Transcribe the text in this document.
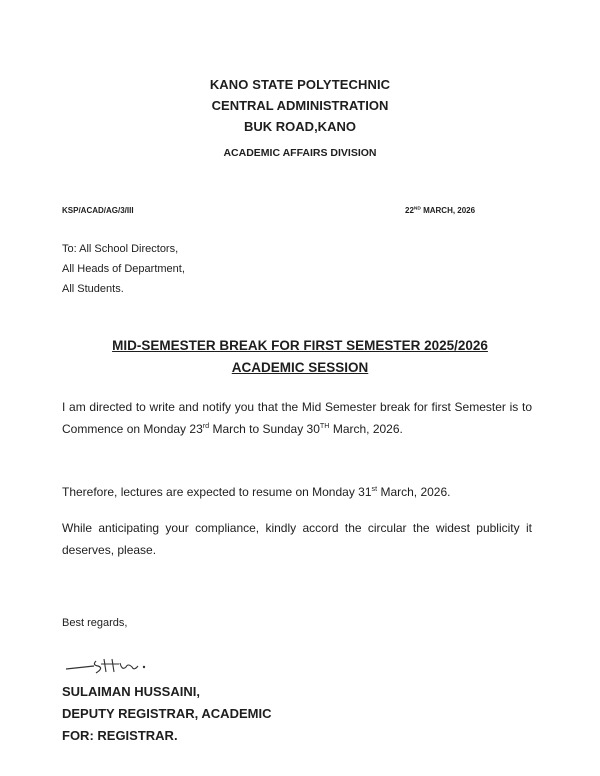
KANO STATE POLYTECHNIC
CENTRAL ADMINISTRATION
BUK ROAD,KANO
ACADEMIC AFFAIRS DIVISION
KSP/ACAD/AG/3/III	22ND MARCH, 2026
To: All School Directors,
All Heads of Department,
All Students.
MID-SEMESTER BREAK FOR FIRST SEMESTER 2025/2026
ACADEMIC SESSION
I am directed to write and notify you that the Mid Semester break for first Semester is to Commence on Monday 23rd March to Sunday 30TH March, 2026.
Therefore, lectures are expected to resume on Monday 31st March, 2026.
While anticipating your compliance, kindly accord the circular the widest publicity it deserves, please.
Best regards,
SULAIMAN HUSSAINI,
DEPUTY REGISTRAR, ACADEMIC
FOR: REGISTRAR.
